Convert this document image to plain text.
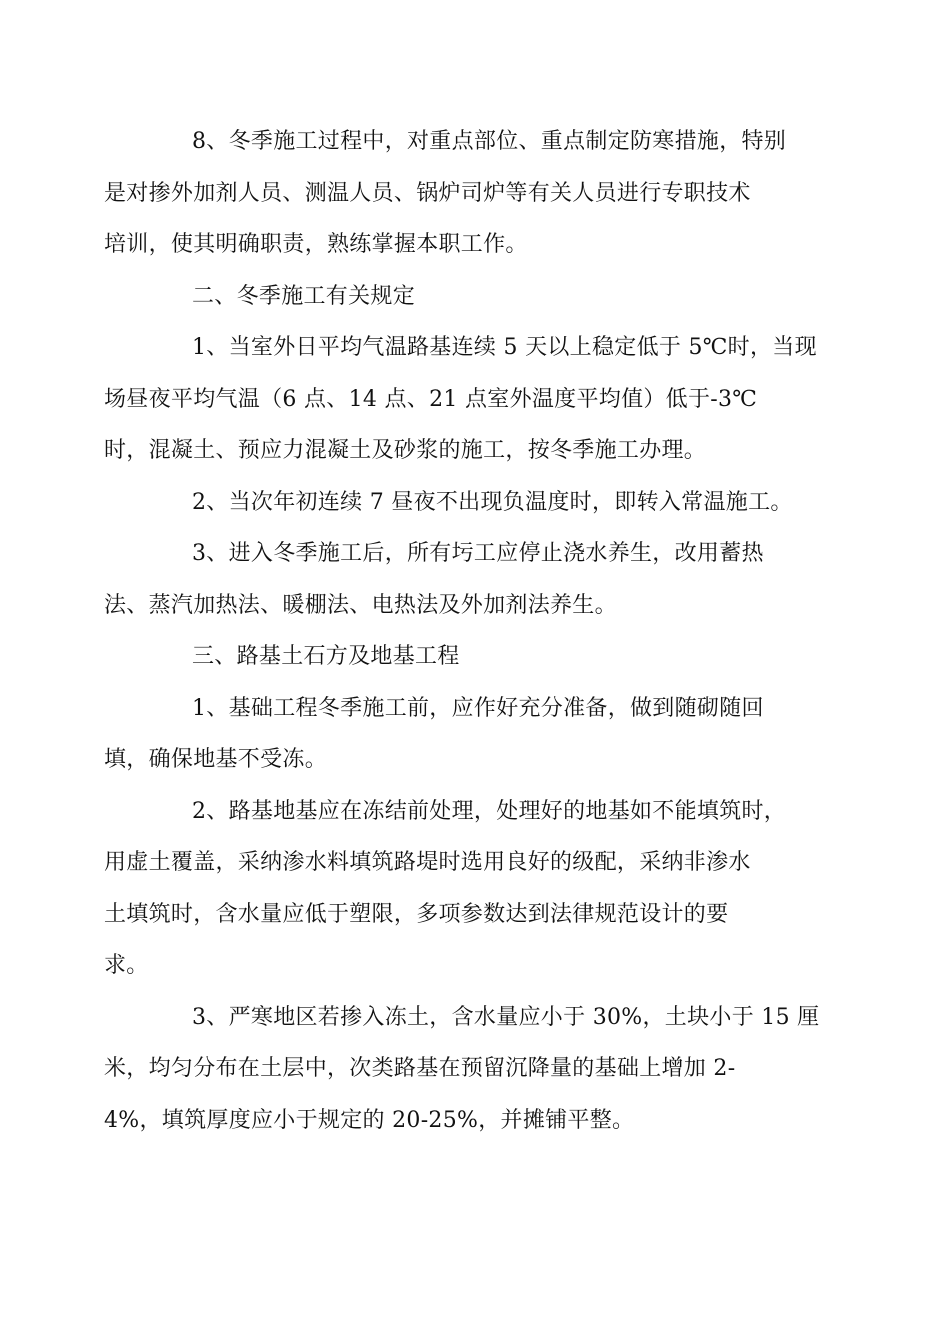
8、冬季施工过程中，对重点部位、重点制定防寒措施，特别
是对掺外加剂人员、测温人员、锅炉司炉等有关人员进行专职技术
培训，使其明确职责，熟练掌握本职工作。

二、冬季施工有关规定

1、当室外日平均气温路基连续 5 天以上稳定低于 5℃时，当现
场昼夜平均气温（6 点、14 点、21 点室外温度平均值）低于-3℃
时，混凝土、预应力混凝土及砂浆的施工，按冬季施工办理。

2、当次年初连续 7 昼夜不出现负温度时，即转入常温施工。

3、进入冬季施工后，所有圬工应停止浇水养生，改用蓄热
法、蒸汽加热法、暖棚法、电热法及外加剂法养生。

三、路基土石方及地基工程

1、基础工程冬季施工前，应作好充分准备，做到随砌随回
填，确保地基不受冻。

2、路基地基应在冻结前处理，处理好的地基如不能填筑时，
用虚土覆盖，采纳渗水料填筑路堤时选用良好的级配，采纳非渗水
土填筑时，含水量应低于塑限，多项参数达到法律规范设计的要
求。

3、严寒地区若掺入冻土，含水量应小于 30%，土块小于 15 厘
米，均匀分布在土层中，次类路基在预留沉降量的基础上增加 2-
4%，填筑厚度应小于规定的 20-25%，并摊铺平整。
